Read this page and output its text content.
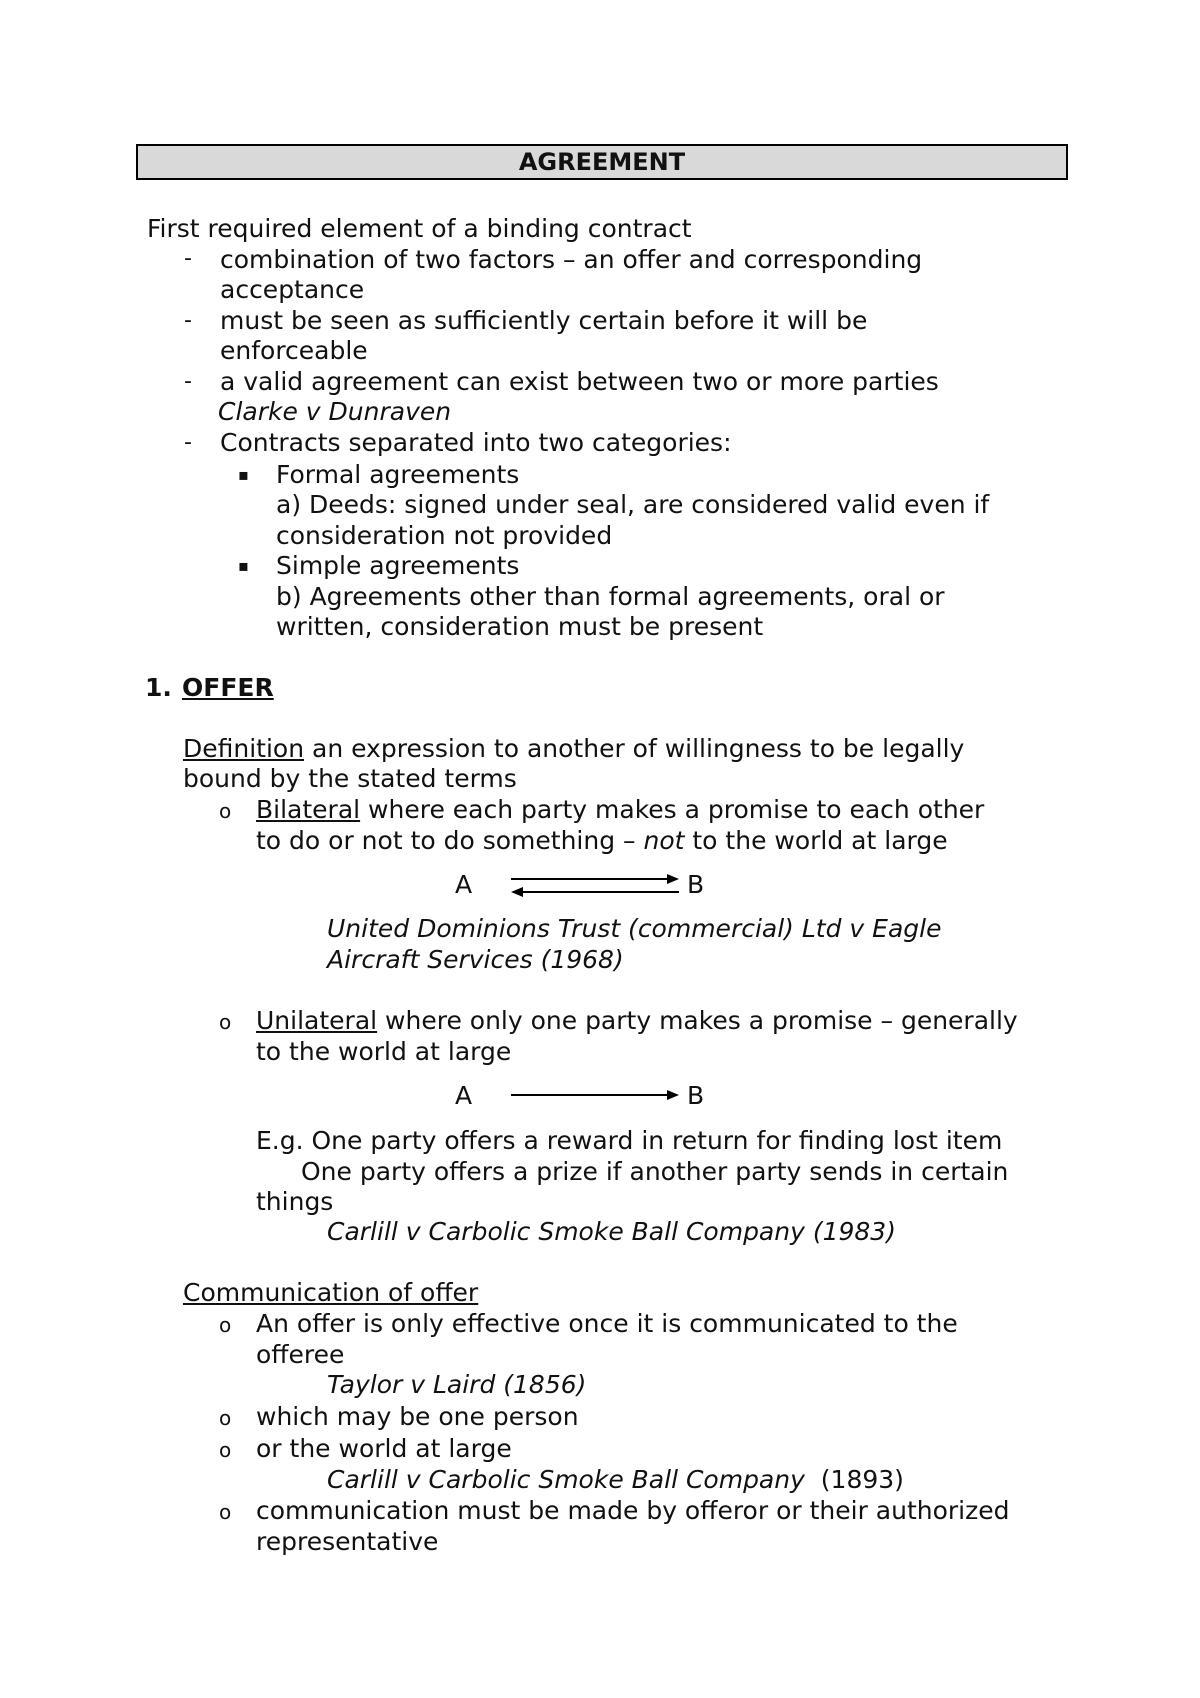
AGREEMENT
First required element of a binding contract
- combination of two factors – an offer and corresponding
acceptance
- must be seen as sufficiently certain before it will be
enforceable
- a valid agreement can exist between two or more parties
Clarke v Dunraven
- Contracts separated into two categories:
▪ Formal agreements
a) Deeds: signed under seal, are considered valid even if
consideration not provided
▪ Simple agreements
b) Agreements other than formal agreements, oral or
written, consideration must be present
1. OFFER
Definition an expression to another of willingness to be legally
bound by the stated terms
o Bilateral where each party makes a promise to each other
to do or not to do something – not to the world at large
A	B
United Dominions Trust (commercial) Ltd v Eagle
Aircraft Services (1968)
o Unilateral where only one party makes a promise – generally
to the world at large
A	B
E.g. One party offers a reward in return for finding lost item
One party offers a prize if another party sends in certain
things
Carlill v Carbolic Smoke Ball Company (1983)
Communication of offer
o An offer is only effective once it is communicated to the
offeree
Taylor v Laird (1856)
o which may be one person
o or the world at large
Carlill v Carbolic Smoke Ball Company  (1893)
o communication must be made by offeror or their authorized
representative
